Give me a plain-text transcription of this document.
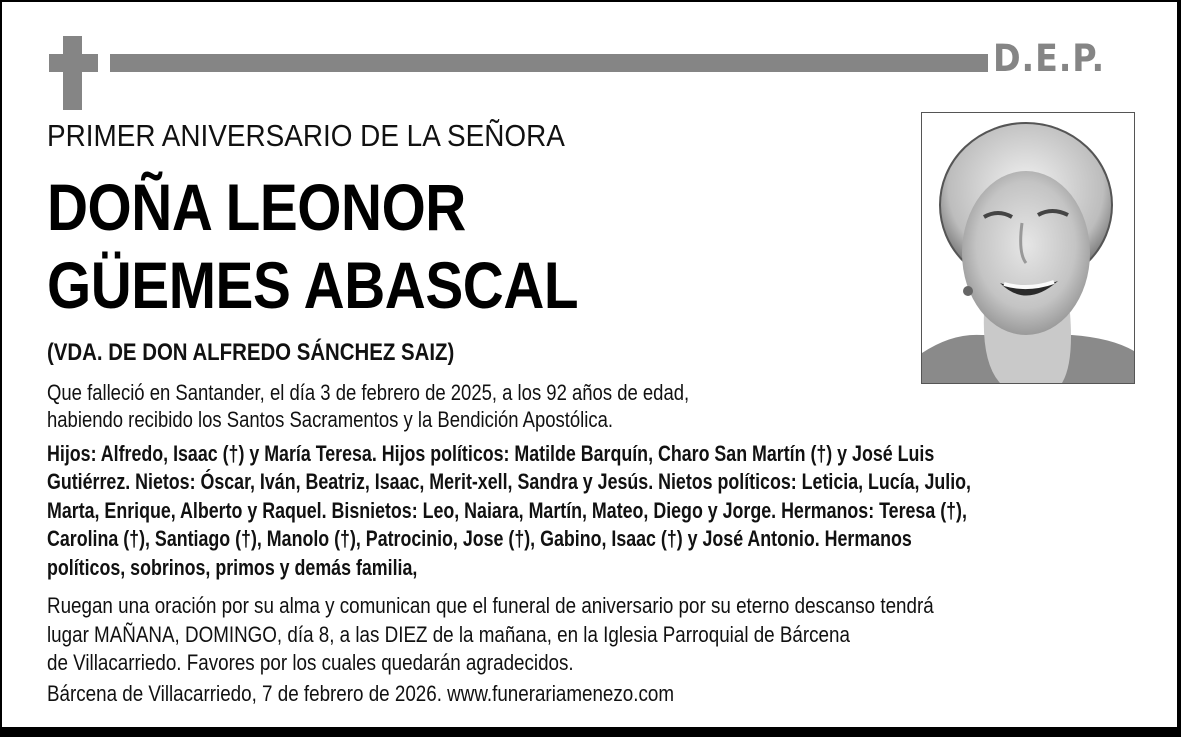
D.E.P.
PRIMER ANIVERSARIO DE LA SEÑORA
DOÑA LEONOR
GÜEMES ABASCAL
(VDA. DE DON ALFREDO SÁNCHEZ SAIZ)
Que falleció en Santander, el día 3 de febrero de 2025, a los 92 años de edad,
habiendo recibido los Santos Sacramentos y la Bendición Apostólica.
Hijos: Alfredo, Isaac (†) y María Teresa. Hijos políticos: Matilde Barquín, Charo San Martín (†) y José Luis
Gutiérrez. Nietos: Óscar, Iván, Beatriz, Isaac, Merit-xell, Sandra y Jesús. Nietos políticos: Leticia, Lucía, Julio,
Marta, Enrique, Alberto y Raquel. Bisnietos: Leo, Naiara, Martín, Mateo, Diego y Jorge. Hermanos: Teresa (†),
Carolina (†), Santiago (†), Manolo (†), Patrocinio, Jose (†), Gabino, Isaac (†) y José Antonio. Hermanos
políticos, sobrinos, primos y demás familia,
Ruegan una oración por su alma y comunican que el funeral de aniversario por su eterno descanso tendrá
lugar MAÑANA, DOMINGO, día 8, a las DIEZ de la mañana, en la Iglesia Parroquial de Bárcena
de Villacarriedo. Favores por los cuales quedarán agradecidos.
Bárcena de Villacarriedo, 7 de febrero de 2026. www.funerariamenezo.com
